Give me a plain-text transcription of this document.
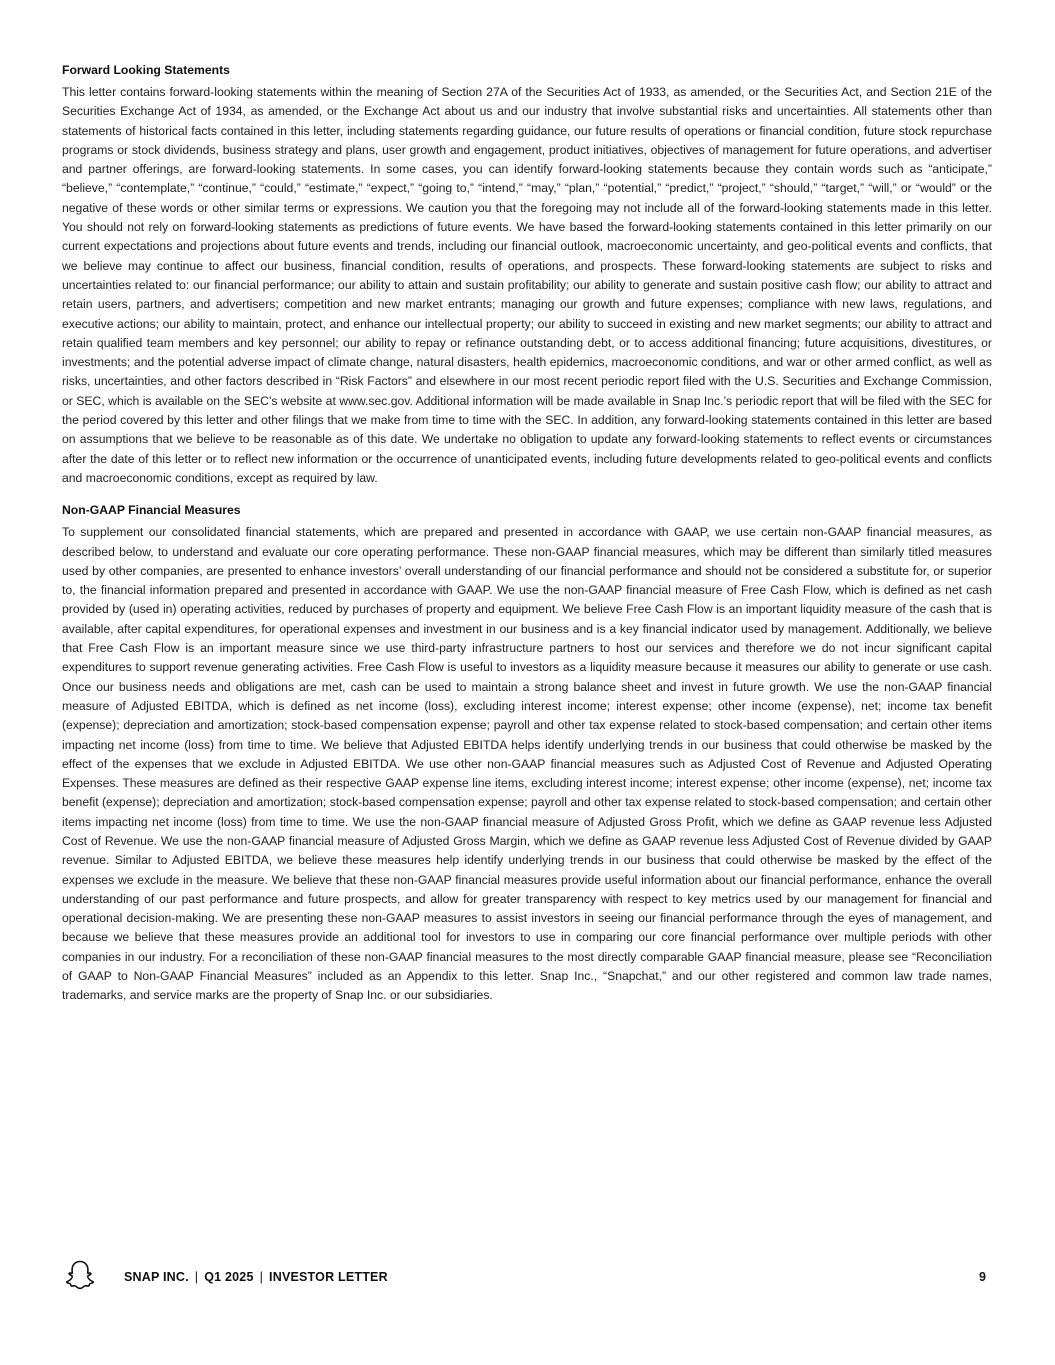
Forward Looking Statements

This letter contains forward-looking statements within the meaning of Section 27A of the Securities Act of 1933, as amended, or the Securities Act, and Section 21E of the Securities Exchange Act of 1934, as amended, or the Exchange Act about us and our industry that involve substantial risks and uncertainties. All statements other than statements of historical facts contained in this letter, including statements regarding guidance, our future results of operations or financial condition, future stock repurchase programs or stock dividends, business strategy and plans, user growth and engagement, product initiatives, objectives of management for future operations, and advertiser and partner offerings, are forward-looking statements. In some cases, you can identify forward-looking statements because they contain words such as “anticipate,” “believe,” “contemplate,” “continue,” “could,” “estimate,” “expect,” “going to,” “intend,” “may,” “plan,” “potential,” “predict,” “project,” “should,” “target,” “will,” or “would” or the negative of these words or other similar terms or expressions. We caution you that the foregoing may not include all of the forward-looking statements made in this letter. You should not rely on forward-looking statements as predictions of future events. We have based the forward-looking statements contained in this letter primarily on our current expectations and projections about future events and trends, including our financial outlook, macroeconomic uncertainty, and geo-political events and conflicts, that we believe may continue to affect our business, financial condition, results of operations, and prospects. These forward-looking statements are subject to risks and uncertainties related to: our financial performance; our ability to attain and sustain profitability; our ability to generate and sustain positive cash flow; our ability to attract and retain users, partners, and advertisers; competition and new market entrants; managing our growth and future expenses; compliance with new laws, regulations, and executive actions; our ability to maintain, protect, and enhance our intellectual property; our ability to succeed in existing and new market segments; our ability to attract and retain qualified team members and key personnel; our ability to repay or refinance outstanding debt, or to access additional financing; future acquisitions, divestitures, or investments; and the potential adverse impact of climate change, natural disasters, health epidemics, macroeconomic conditions, and war or other armed conflict, as well as risks, uncertainties, and other factors described in “Risk Factors” and elsewhere in our most recent periodic report filed with the U.S. Securities and Exchange Commission, or SEC, which is available on the SEC’s website at www.sec.gov. Additional information will be made available in Snap Inc.’s periodic report that will be filed with the SEC for the period covered by this letter and other filings that we make from time to time with the SEC. In addition, any forward-looking statements contained in this letter are based on assumptions that we believe to be reasonable as of this date. We undertake no obligation to update any forward-looking statements to reflect events or circumstances after the date of this letter or to reflect new information or the occurrence of unanticipated events, including future developments related to geo-political events and conflicts and macroeconomic conditions, except as required by law.

Non-GAAP Financial Measures

To supplement our consolidated financial statements, which are prepared and presented in accordance with GAAP, we use certain non-GAAP financial measures, as described below, to understand and evaluate our core operating performance. These non-GAAP financial measures, which may be different than similarly titled measures used by other companies, are presented to enhance investors’ overall understanding of our financial performance and should not be considered a substitute for, or superior to, the financial information prepared and presented in accordance with GAAP. We use the non-GAAP financial measure of Free Cash Flow, which is defined as net cash provided by (used in) operating activities, reduced by purchases of property and equipment. We believe Free Cash Flow is an important liquidity measure of the cash that is available, after capital expenditures, for operational expenses and investment in our business and is a key financial indicator used by management. Additionally, we believe that Free Cash Flow is an important measure since we use third-party infrastructure partners to host our services and therefore we do not incur significant capital expenditures to support revenue generating activities. Free Cash Flow is useful to investors as a liquidity measure because it measures our ability to generate or use cash. Once our business needs and obligations are met, cash can be used to maintain a strong balance sheet and invest in future growth. We use the non-GAAP financial measure of Adjusted EBITDA, which is defined as net income (loss), excluding interest income; interest expense; other income (expense), net; income tax benefit (expense); depreciation and amortization; stock-based compensation expense; payroll and other tax expense related to stock-based compensation; and certain other items impacting net income (loss) from time to time. We believe that Adjusted EBITDA helps identify underlying trends in our business that could otherwise be masked by the effect of the expenses that we exclude in Adjusted EBITDA. We use other non-GAAP financial measures such as Adjusted Cost of Revenue and Adjusted Operating Expenses. These measures are defined as their respective GAAP expense line items, excluding interest income; interest expense; other income (expense), net; income tax benefit (expense); depreciation and amortization; stock-based compensation expense; payroll and other tax expense related to stock-based compensation; and certain other items impacting net income (loss) from time to time. We use the non-GAAP financial measure of Adjusted Gross Profit, which we define as GAAP revenue less Adjusted Cost of Revenue. We use the non-GAAP financial measure of Adjusted Gross Margin, which we define as GAAP revenue less Adjusted Cost of Revenue divided by GAAP revenue. Similar to Adjusted EBITDA, we believe these measures help identify underlying trends in our business that could otherwise be masked by the effect of the expenses we exclude in the measure. We believe that these non-GAAP financial measures provide useful information about our financial performance, enhance the overall understanding of our past performance and future prospects, and allow for greater transparency with respect to key metrics used by our management for financial and operational decision-making. We are presenting these non-GAAP measures to assist investors in seeing our financial performance through the eyes of management, and because we believe that these measures provide an additional tool for investors to use in comparing our core financial performance over multiple periods with other companies in our industry. For a reconciliation of these non-GAAP financial measures to the most directly comparable GAAP financial measure, please see “Reconciliation of GAAP to Non-GAAP Financial Measures” included as an Appendix to this letter. Snap Inc., “Snapchat,” and our other registered and common law trade names, trademarks, and service marks are the property of Snap Inc. or our subsidiaries.

SNAP INC. | Q1 2025 | INVESTOR LETTER	9
